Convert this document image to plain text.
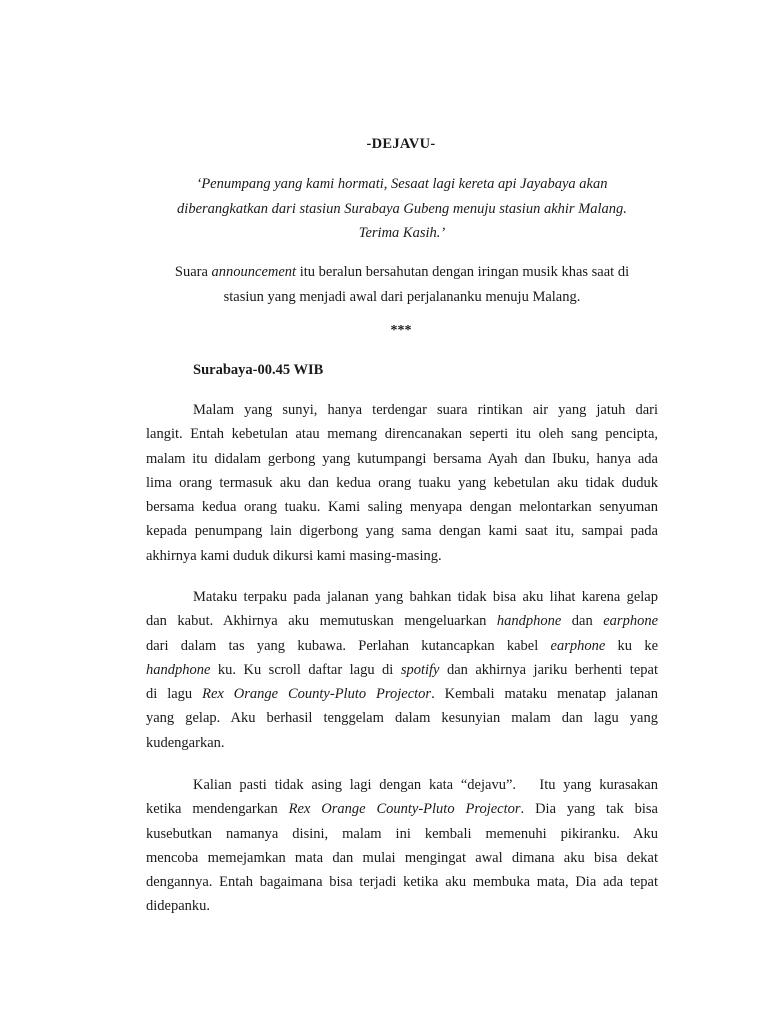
-DEJAVU-
‘Penumpang yang kami hormati, Sesaat lagi kereta api Jayabaya akan
diberangkatkan dari stasiun Surabaya Gubeng menuju stasiun akhir Malang.
Terima Kasih.’
Suara announcement itu beralun bersahutan dengan iringan musik khas saat di
stasiun yang menjadi awal dari perjalananku menuju Malang.
***
Surabaya-00.45 WIB
Malam yang sunyi, hanya terdengar suara rintikan air yang jatuh dari
langit. Entah kebetulan atau memang direncanakan seperti itu oleh sang pencipta,
malam itu didalam gerbong yang kutumpangi bersama Ayah dan Ibuku, hanya ada
lima orang termasuk aku dan kedua orang tuaku yang kebetulan aku tidak duduk
bersama kedua orang tuaku. Kami saling menyapa dengan melontarkan senyuman
kepada penumpang lain digerbong yang sama dengan kami saat itu, sampai pada
akhirnya kami duduk dikursi kami masing-masing.
Mataku terpaku pada jalanan yang bahkan tidak bisa aku lihat karena gelap
dan kabut. Akhirnya aku memutuskan mengeluarkan handphone dan earphone
dari dalam tas yang kubawa. Perlahan kutancapkan kabel earphone ku ke
handphone ku. Ku scroll daftar lagu di spotify dan akhirnya jariku berhenti tepat
di lagu Rex Orange County-Pluto Projector. Kembali mataku menatap jalanan
yang gelap. Aku berhasil tenggelam dalam kesunyian malam dan lagu yang
kudengarkan.
Kalian pasti tidak asing lagi dengan kata “dejavu”.   Itu yang kurasakan
ketika mendengarkan Rex Orange County-Pluto Projector. Dia yang tak bisa
kusebutkan namanya disini, malam ini kembali memenuhi pikiranku. Aku
mencoba memejamkan mata dan mulai mengingat awal dimana aku bisa dekat
dengannya. Entah bagaimana bisa terjadi ketika aku membuka mata, Dia ada tepat
didepanku.
